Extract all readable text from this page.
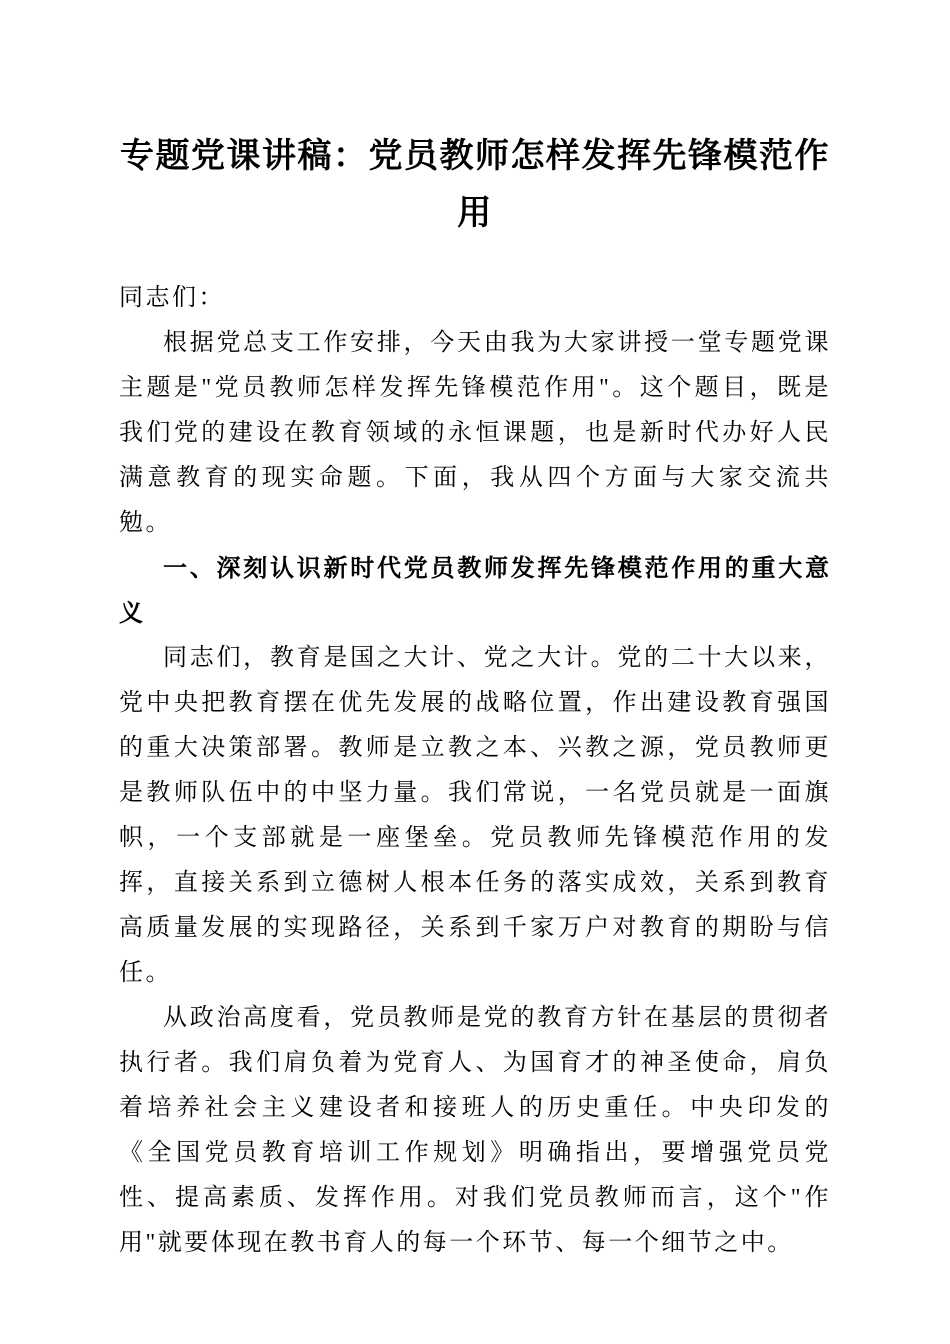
专题党课讲稿：党员教师怎样发挥先锋模范作用

同志们：

根据党总支工作安排，今天由我为大家讲授一堂专题党课主题是"党员教师怎样发挥先锋模范作用"。这个题目，既是我们党的建设在教育领域的永恒课题，也是新时代办好人民满意教育的现实命题。下面，我从四个方面与大家交流共勉。

一、深刻认识新时代党员教师发挥先锋模范作用的重大意义

同志们，教育是国之大计、党之大计。党的二十大以来，党中央把教育摆在优先发展的战略位置，作出建设教育强国的重大决策部署。教师是立教之本、兴教之源，党员教师更是教师队伍中的中坚力量。我们常说，一名党员就是一面旗帜，一个支部就是一座堡垒。党员教师先锋模范作用的发挥，直接关系到立德树人根本任务的落实成效，关系到教育高质量发展的实现路径，关系到千家万户对教育的期盼与信任。

从政治高度看，党员教师是党的教育方针在基层的贯彻者执行者。我们肩负着为党育人、为国育才的神圣使命，肩负着培养社会主义建设者和接班人的历史重任。中央印发的《全国党员教育培训工作规划》明确指出，要增强党员党性、提高素质、发挥作用。对我们党员教师而言，这个"作用"就要体现在教书育人的每一个环节、每一个细节之中。
